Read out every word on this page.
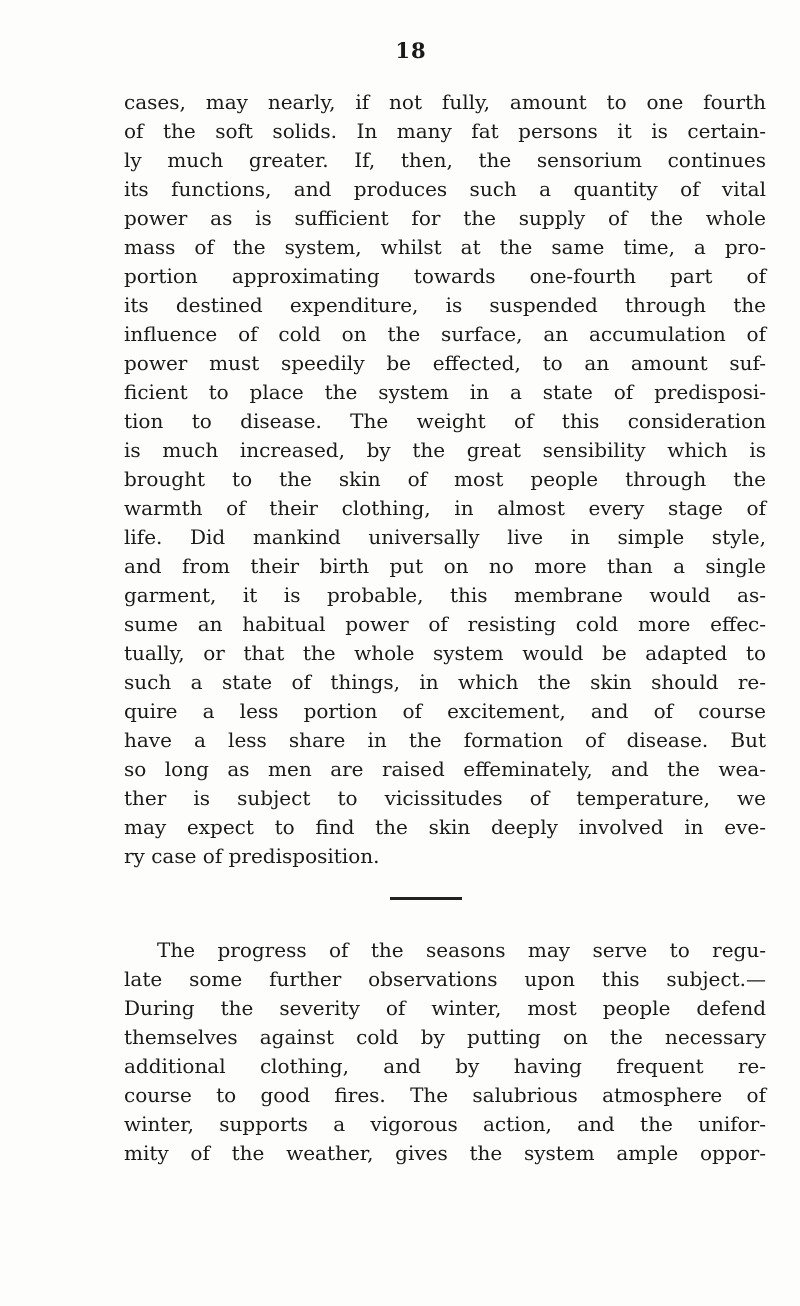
18
cases, may nearly, if not fully, amount to one fourth
of the soft solids. In many fat persons it is certain-
ly much greater. If, then, the sensorium continues
its functions, and produces such a quantity of vital
power as is sufficient for the supply of the whole
mass of the system, whilst at the same time, a pro-
portion approximating towards one-fourth part of
its destined expenditure, is suspended through the
influence of cold on the surface, an accumulation of
power must speedily be effected, to an amount suf-
ficient to place the system in a state of predisposi-
tion to disease. The weight of this consideration
is much increased, by the great sensibility which is
brought to the skin of most people through the
warmth of their clothing, in almost every stage of
life. Did mankind universally live in simple style,
and from their birth put on no more than a single
garment, it is probable, this membrane would as-
sume an habitual power of resisting cold more effec-
tually, or that the whole system would be adapted to
such a state of things, in which the skin should re-
quire a less portion of excitement, and of course
have a less share in the formation of disease. But
so long as men are raised effeminately, and the wea-
ther is subject to vicissitudes of temperature, we
may expect to find the skin deeply involved in eve-
ry case of predisposition.
The progress of the seasons may serve to regu-
late some further observations upon this subject.—
During the severity of winter, most people defend
themselves against cold by putting on the necessary
additional clothing, and by having frequent re-
course to good fires. The salubrious atmosphere of
winter, supports a vigorous action, and the unifor-
mity of the weather, gives the system ample oppor-
